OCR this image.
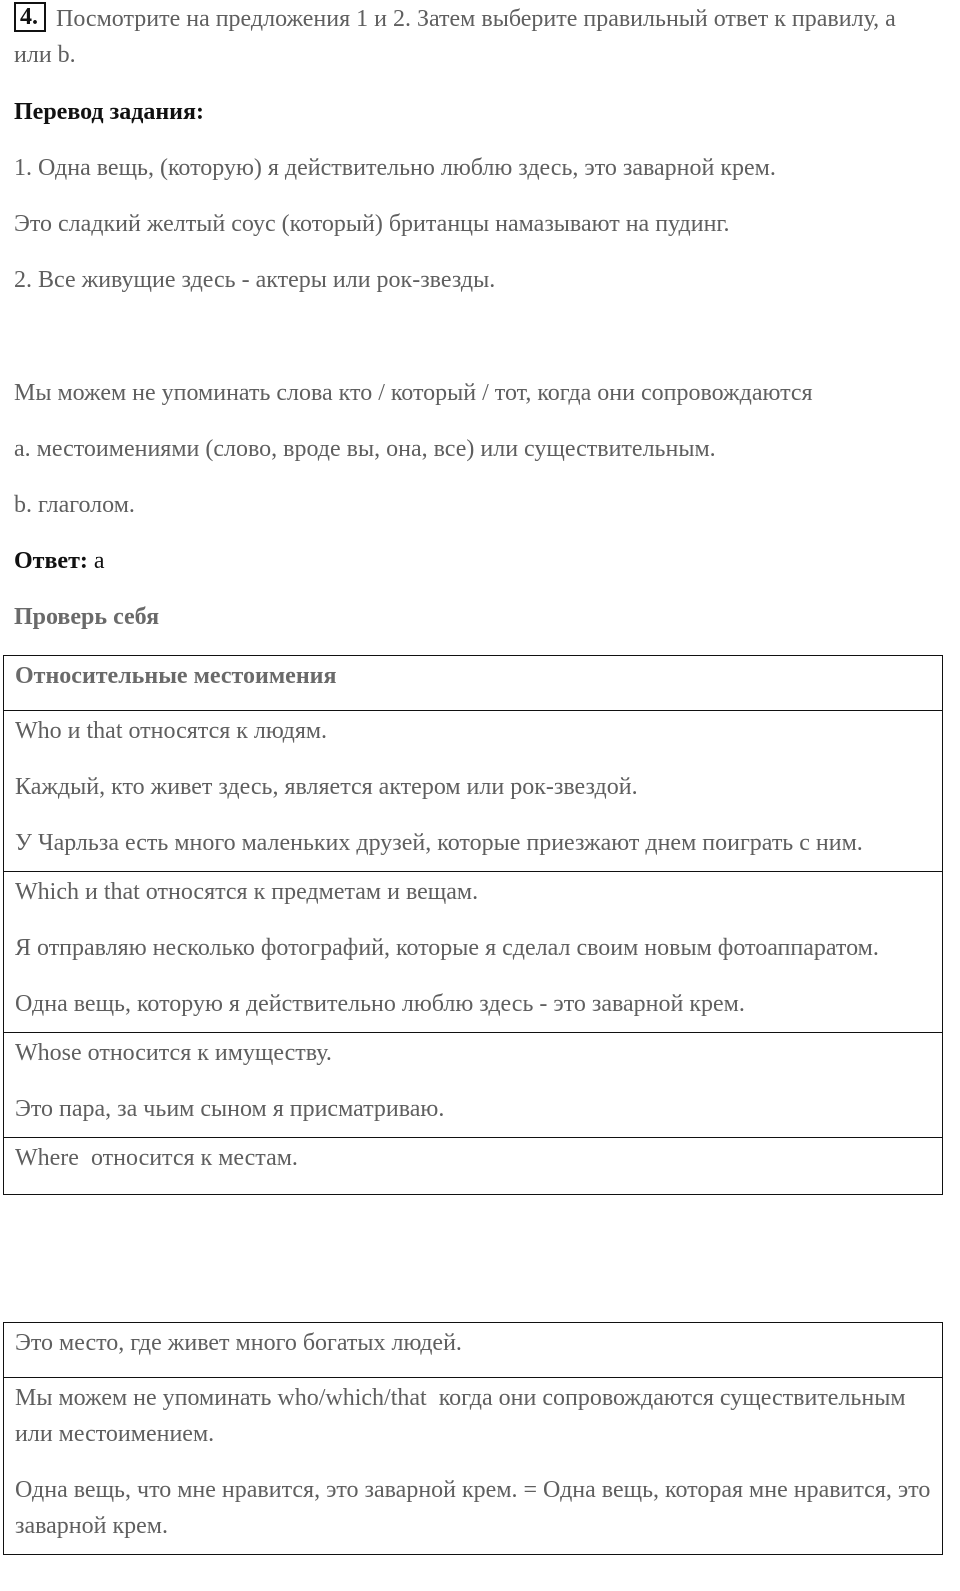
4. Посмотрите на предложения 1 и 2. Затем выберите правильный ответ к правилу, a или b.

Перевод задания:

1. Одна вещь, (которую) я действительно люблю здесь, это заварной крем.

Это сладкий желтый соус (который) британцы намазывают на пудинг.

2. Все живущие здесь - актеры или рок-звезды.

Мы можем не упоминать слова кто / который / тот, когда они сопровождаются

a. местоимениями (слово, вроде вы, она, все) или существительным.

b. глаголом.

Ответ: a

Проверь себя

Относительные местоимения

Who и that относятся к людям.
Каждый, кто живет здесь, является актером или рок-звездой.
У Чарльза есть много маленьких друзей, которые приезжают днем поиграть с ним.

Which и that относятся к предметам и вещам.
Я отправляю несколько фотографий, которые я сделал своим новым фотоаппаратом.
Одна вещь, которую я действительно люблю здесь - это заварной крем.

Whose относится к имуществу.
Это пара, за чьим сыном я присматриваю.

Where  относится к местам.
Это место, где живет много богатых людей.

Мы можем не упоминать who/which/that  когда они сопровождаются существительным или местоимением.
Одна вещь, что мне нравится, это заварной крем. = Одна вещь, которая мне нравится, это заварной крем.
